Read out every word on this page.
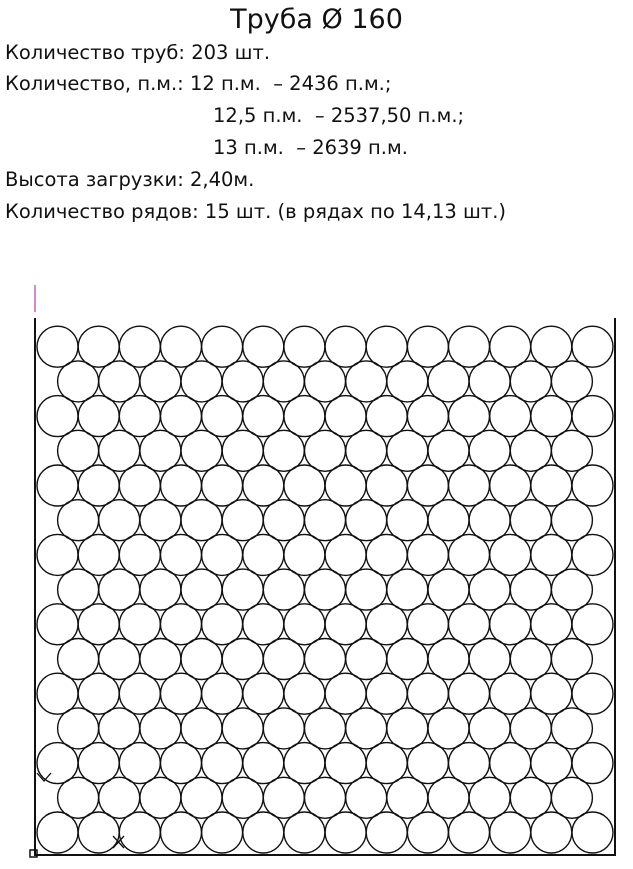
Труба Ø 160
Количество труб: 203 шт.
Количество, п.м.: 12 п.м.  – 2436 п.м.;
12,5 п.м.  – 2537,50 п.м.;
13 п.м.  – 2639 п.м.
Высота загрузки: 2,40м.
Количество рядов: 15 шт. (в рядах по 14,13 шт.)
